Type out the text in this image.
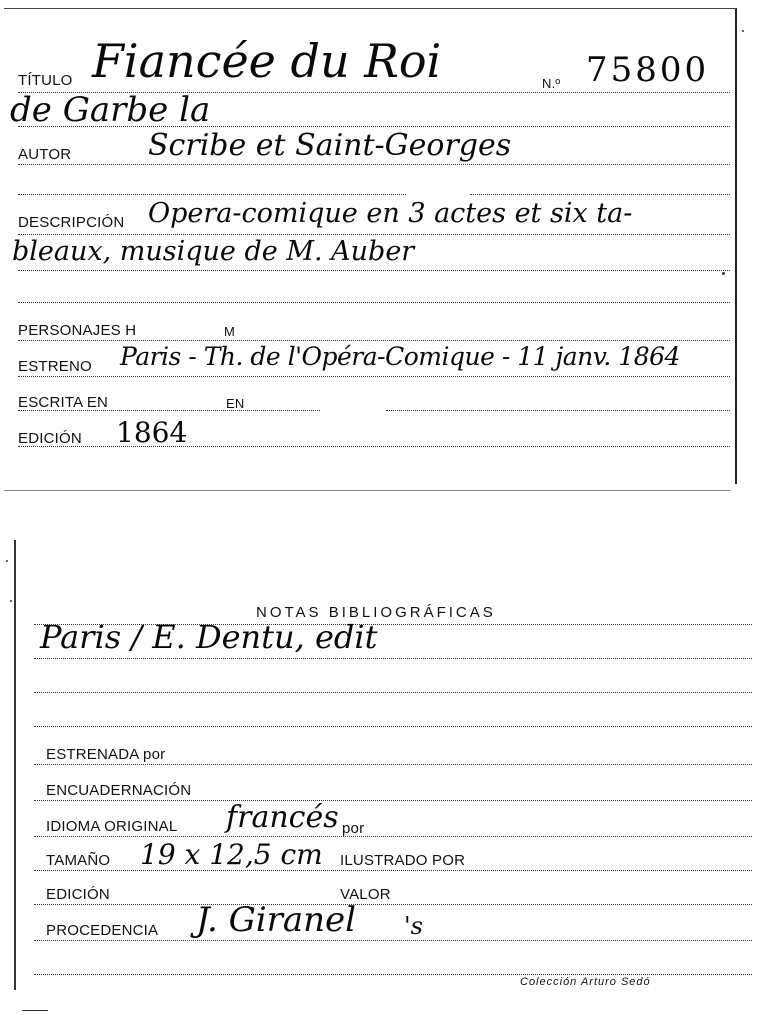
TÍTULO Fiancée du Roi	N.º 75800
de Garbe la
AUTOR	Scribe et Saint-Georges
DESCRIPCIÓN Opera-comique en 3 actes et six ta-
bleaux, musique de M. Auber
PERSONAJES H	M
ESTRENO Paris - Th. de l'Opéra-Comique - 11 janv. 1864
ESCRITA EN	EN
EDICIÓN 1864
NOTAS BIBLIOGRÁFICAS
Paris / E. Dentu, edit
ESTRENADA por
ENCUADERNACIÓN
IDIOMA ORIGINAL francés por
TAMAÑO 19 x 12,5 cm ILUSTRADO POR
EDICIÓN	VALOR
PROCEDENCIA J. Giranel 's
Colección Arturo Sedó
